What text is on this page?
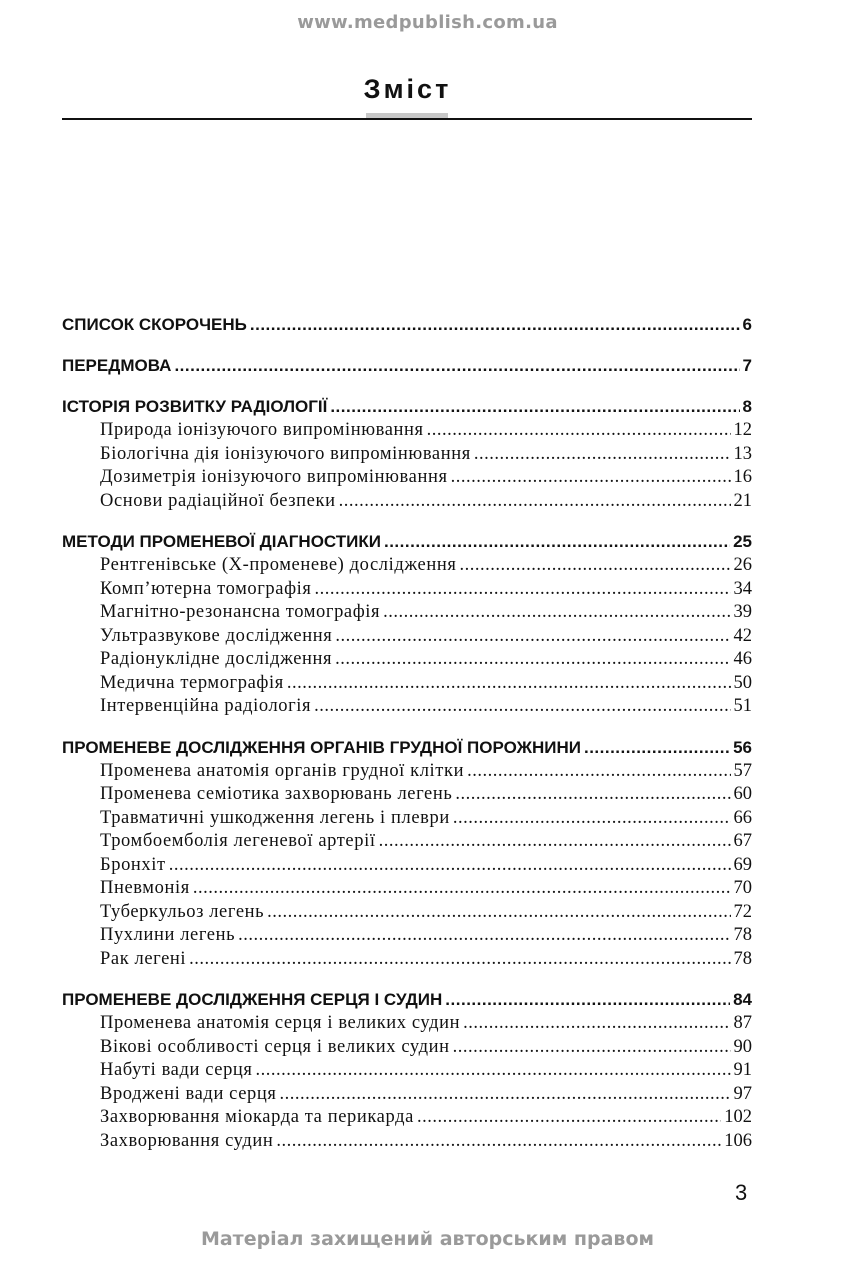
www.medpublish.com.ua
Зміст
СПИСОК СКОРОЧЕНЬ .....	6
ПЕРЕДМОВА .....	7
ІСТОРІЯ РОЗВИТКУ РАДІОЛОГІЇ .....	8
Природа іонізуючого випромінювання .....	12
Біологічна дія іонізуючого випромінювання .....	13
Дозиметрія іонізуючого випромінювання .....	16
Основи радіаційної безпеки .....	21
МЕТОДИ ПРОМЕНЕВОЇ ДІАГНОСТИКИ .....	25
Рентгенівське (Х-променеве) дослідження .....	26
Комп’ютерна томографія .....	34
Магнітно-резонансна томографія .....	39
Ультразвукове дослідження .....	42
Радіонуклідне дослідження .....	46
Медична термографія .....	50
Інтервенційна радіологія .....	51
ПРОМЕНЕВЕ ДОСЛІДЖЕННЯ ОРГАНІВ ГРУДНОЇ ПОРОЖНИНИ .....	56
Променева анатомія органів грудної клітки .....	57
Променева семіотика захворювань легень .....	60
Травматичні ушкодження легень і плеври .....	66
Тромбоемболія легеневої артерії .....	67
Бронхіт .....	69
Пневмонія .....	70
Туберкульоз легень .....	72
Пухлини легень .....	78
Рак легені .....	78
ПРОМЕНЕВЕ ДОСЛІДЖЕННЯ СЕРЦЯ І СУДИН .....	84
Променева анатомія серця і великих судин .....	87
Вікові особливості серця і великих судин .....	90
Набуті вади серця .....	91
Вроджені вади серця .....	97
Захворювання міокарда та перикарда .....	102
Захворювання судин .....	106
3
Матеріал захищений авторським правом
